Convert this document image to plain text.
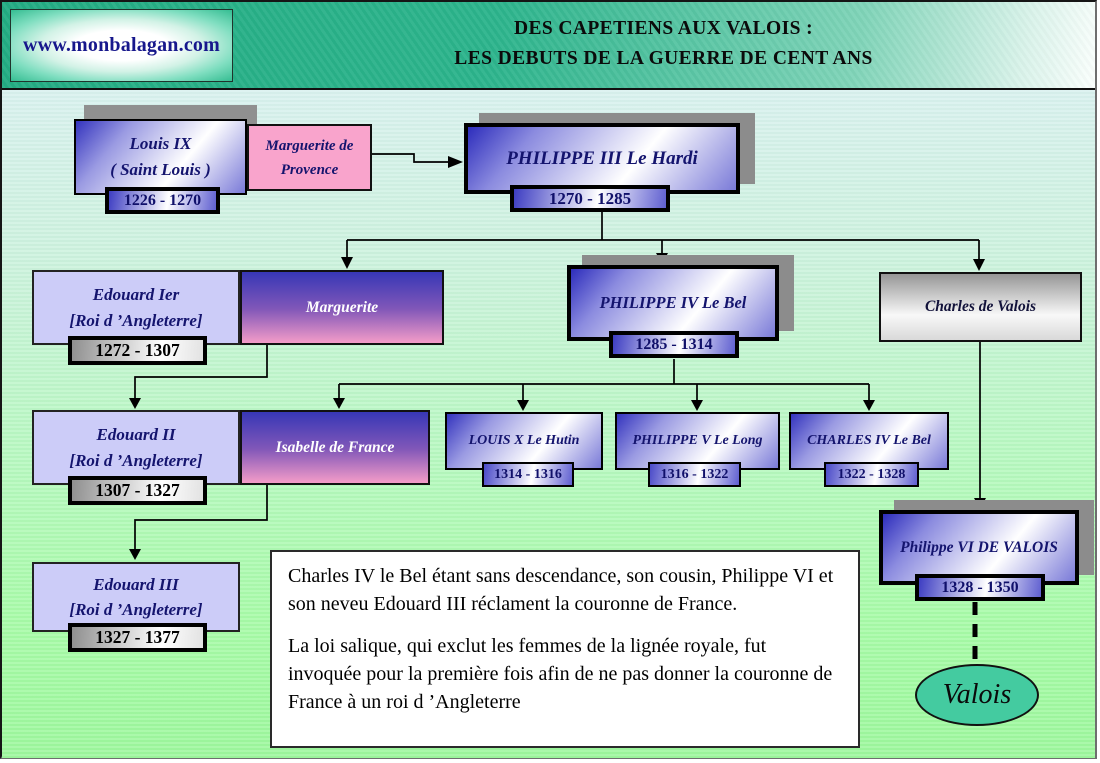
www.monbalagan.com
DES CAPETIENS AUX VALOIS :
LES DEBUTS DE LA GUERRE DE CENT ANS
Louis IX
( Saint Louis )
Marguerite de
Provence
1226 - 1270
PHILIPPE III Le Hardi
1270 - 1285
Edouard Ier
[Roi d ’Angleterre]
Marguerite
1272 - 1307
PHILIPPE IV Le Bel
1285 - 1314
Charles de Valois
Edouard II
[Roi d ’Angleterre]
Isabelle de France
1307 - 1327
LOUIS X Le Hutin
1314 - 1316
PHILIPPE V Le Long
1316 - 1322
CHARLES IV Le Bel
1322 - 1328
Edouard III
[Roi d ’Angleterre]
1327 - 1377
Philippe VI DE VALOIS
1328 - 1350

Charles IV le Bel étant sans descendance, son cousin, Philippe VI et son neveu Edouard III réclament la couronne de France.

La loi salique, qui exclut les femmes de la lignée royale, fut invoquée pour la première fois afin de ne pas donner la couronne de France à un roi d ’Angleterre	Valois
